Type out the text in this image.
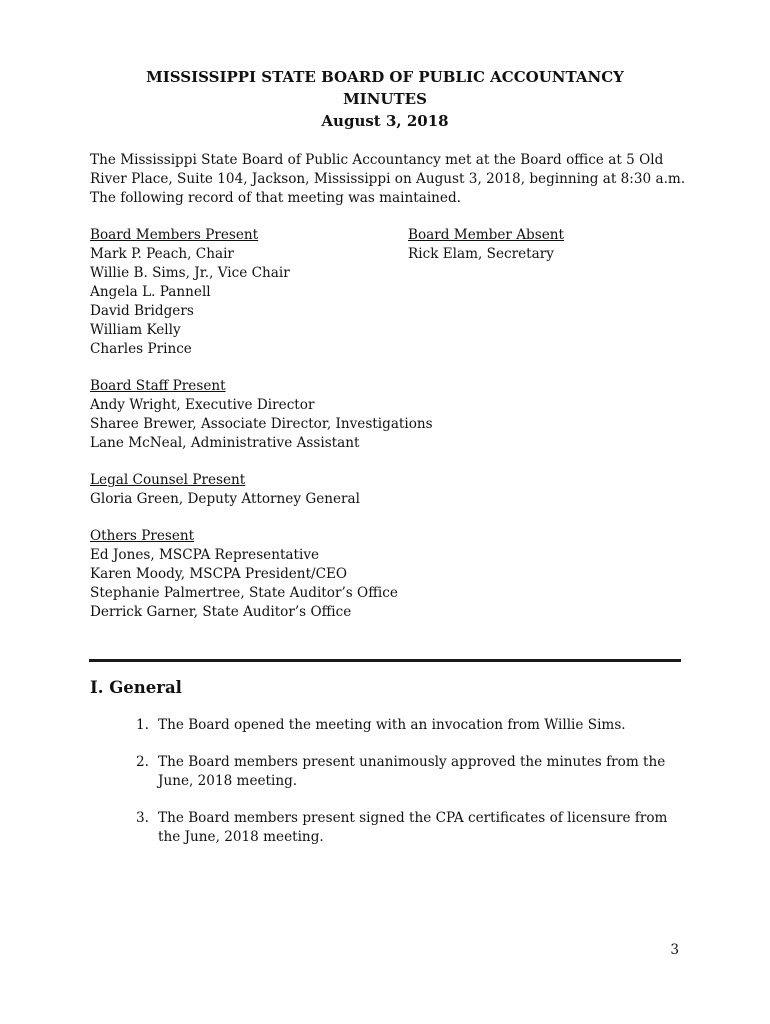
MISSISSIPPI STATE BOARD OF PUBLIC ACCOUNTANCY
MINUTES
August 3, 2018
The Mississippi State Board of Public Accountancy met at the Board office at 5 Old River Place, Suite 104, Jackson, Mississippi on August 3, 2018, beginning at 8:30 a.m. The following record of that meeting was maintained.
Board Members Present
Mark P. Peach, Chair
Willie B. Sims, Jr., Vice Chair
Angela L. Pannell
David Bridgers
William Kelly
Charles Prince
Board Member Absent
Rick Elam, Secretary
Board Staff Present
Andy Wright, Executive Director
Sharee Brewer, Associate Director, Investigations
Lane McNeal, Administrative Assistant
Legal Counsel Present
Gloria Green, Deputy Attorney General
Others Present
Ed Jones, MSCPA Representative
Karen Moody, MSCPA President/CEO
Stephanie Palmertree, State Auditor’s Office
Derrick Garner, State Auditor’s Office
I. General
1. The Board opened the meeting with an invocation from Willie Sims.
2. The Board members present unanimously approved the minutes from the June, 2018 meeting.
3. The Board members present signed the CPA certificates of licensure from the June, 2018 meeting.
3
